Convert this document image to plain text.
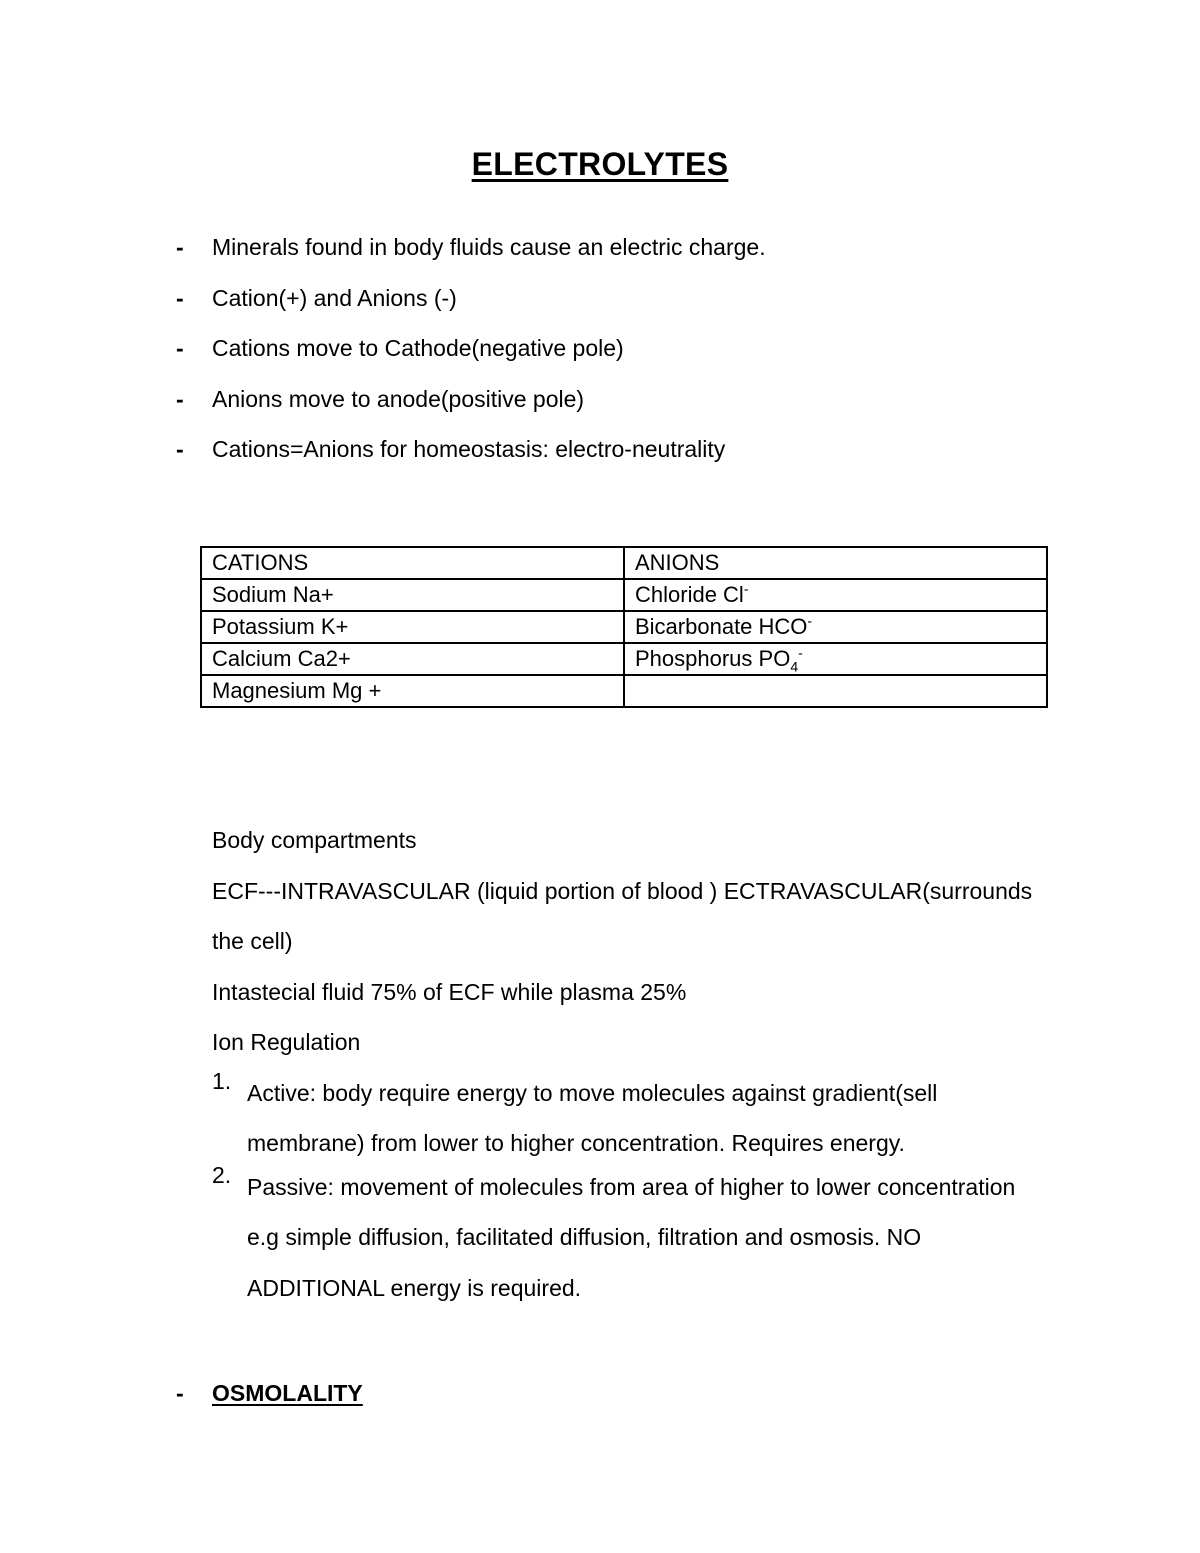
ELECTROLYTES
- Minerals found in body fluids cause an electric charge.
- Cation(+) and Anions (-)
- Cations move to Cathode(negative pole)
- Anions move to anode(positive pole)
- Cations=Anions for homeostasis: electro-neutrality
CATIONS	ANIONS
Sodium Na+	Chloride Cl-
Potassium K+	Bicarbonate HCO-
Calcium Ca2+	Phosphorus $PO_4^-$
Magnesium Mg +	
Body compartments
ECF---INTRAVASCULAR (liquid portion of blood ) ECTRAVASCULAR(surrounds
the cell)
Intastecial fluid 75% of ECF while plasma 25%
Ion Regulation
1. Active: body require energy to move molecules against gradient(sell membrane) from lower to higher concentration. Requires energy.
2. Passive: movement of molecules from area of higher to lower concentration e.g simple diffusion, facilitated diffusion, filtration and osmosis. NO ADDITIONAL energy is required.
- OSMOLALITY
